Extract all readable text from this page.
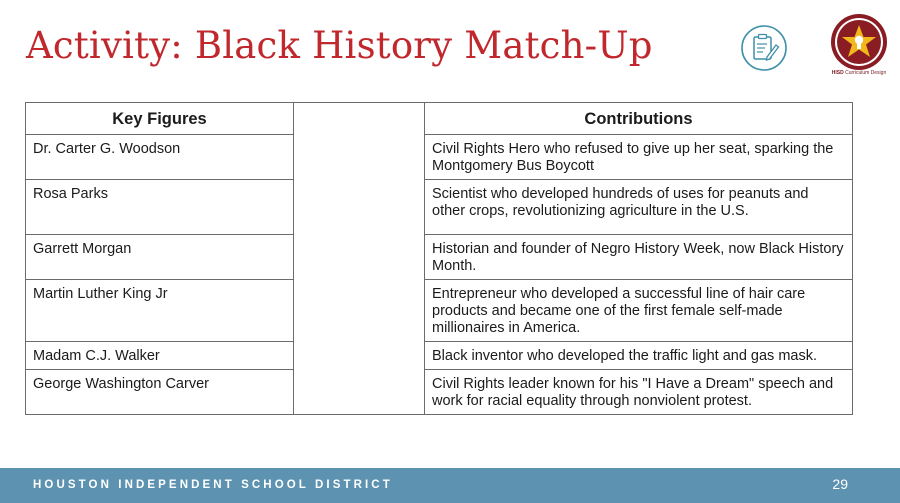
Activity: Black History Match-Up
HISD Curriculum Design
Key Figures		Contributions
Dr. Carter G. Woodson		Civil Rights Hero who refused to give up her seat, sparking the Montgomery Bus Boycott
Rosa Parks		Scientist who developed hundreds of uses for peanuts and other crops, revolutionizing agriculture in the U.S.
Garrett Morgan		Historian and founder of Negro History Week, now Black History Month.
Martin Luther King Jr		Entrepreneur who developed a successful line of hair care products and became one of the first female self-made millionaires in America.
Madam C.J. Walker		Black inventor who developed the traffic light and gas mask.
George Washington Carver		Civil Rights leader known for his "I Have a Dream" speech and work for racial equality through nonviolent protest.
HOUSTON INDEPENDENT SCHOOL DISTRICT	29
